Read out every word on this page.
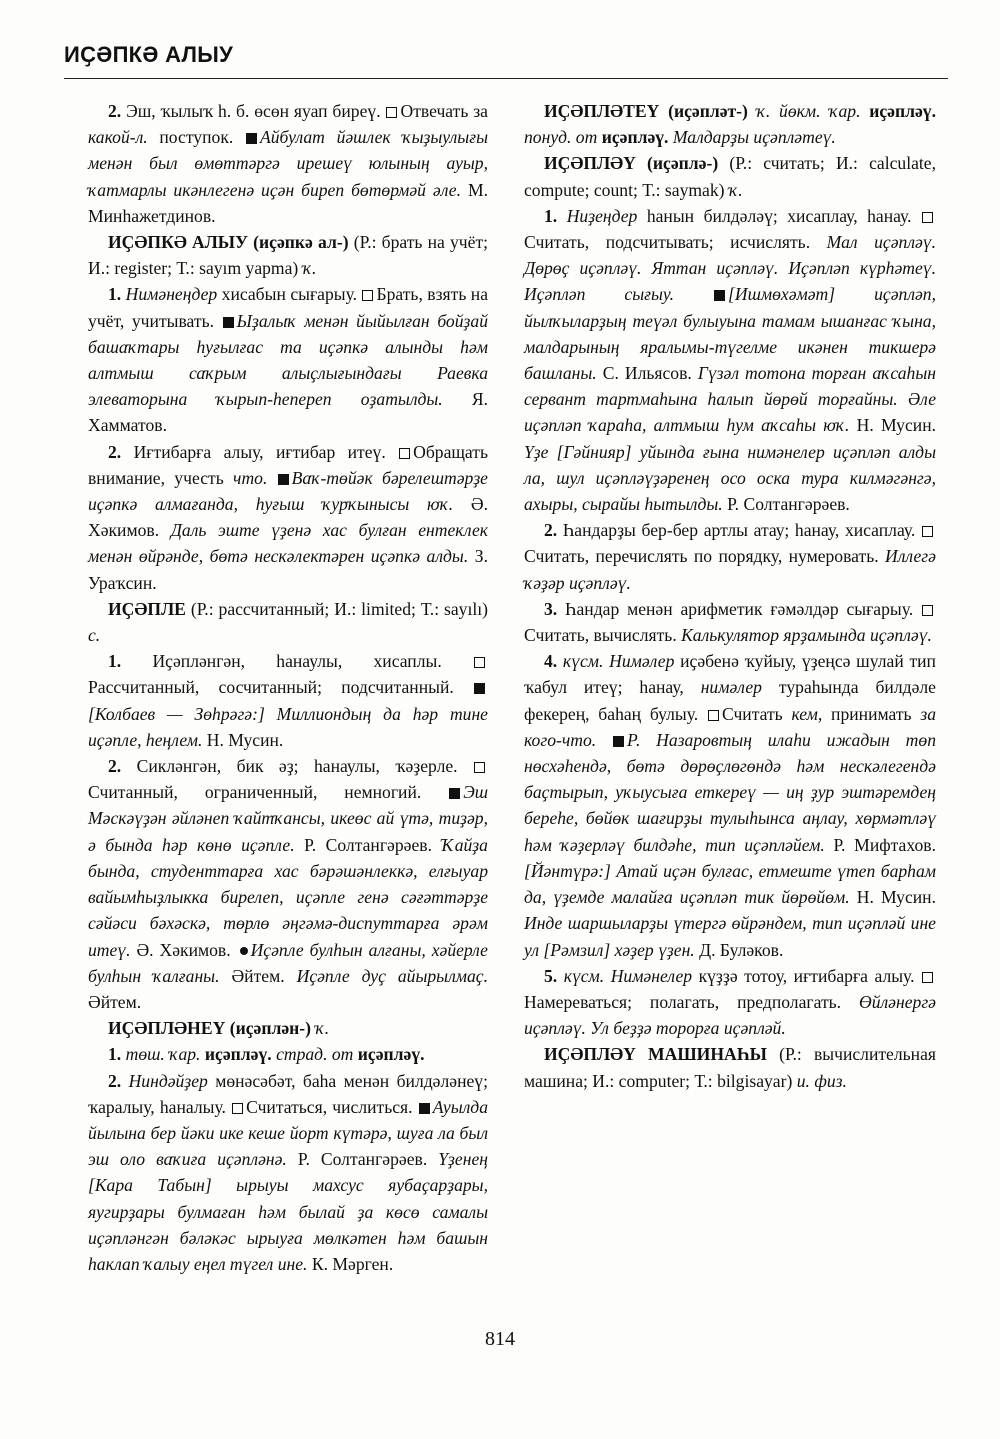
ИҪӘПКӘ АЛЫУ

2. Эш, ҡылыҡ һ. б. өсөн яуап биреү. Отвечать за какой-л. поступок. Айбулат йәшлек ҡыҙыулығы менән был өмөттәргә ирешеү юлының ауыр, ҡатмарлы икәнлегенә иҫән биреп бөтөрмәй әле. М. Минһажетдинов.

ИҪӘПКӘ АЛЫУ (иҫәпкә ал-) (Р.: брать на учёт; И.: register; Т.: sayım yapma) ҡ.

1. Нимәнеңдер хисабын сығарыу. Брать, взять на учёт, учитывать. Ыҙалыҡ менән йыйылған бойҙай башаҡтары һуғылғас та иҫәпкә алынды һәм алтмыш саҡрым алыҫлығындағы Раевка элеваторына ҡырып-һепереп оҙатылды. Я. Хамматов.

2. Иғтибарға алыу, иғтибар итеү. Обращать внимание, учесть что. Ваҡ-төйәк бәрелештәрҙе иҫәпкә алмағанда, һуғыш ҡурҡынысы юҡ. Ә. Хәкимов. Даль эште үҙенә хас булған ентеклек менән өйрәнде, бөтә нескәлектәрен иҫәпкә алды. З. Ураҡсин.

ИҪӘПЛЕ (Р.: рассчитанный; И.: limited; Т.: sayılı) с.

1. Иҫәпләнгән, һанаулы, хисаплы. Рассчитанный, сосчитанный; подсчитанный. [Колбаев — Зөһрәгә:] Миллиондың да һәр тине иҫәпле, һеңлем. Н. Мусин.

2. Сикләнгән, бик әҙ; һанаулы, ҡәҙерле. Считанный, ограниченный, немногий. Эш Мәскәүҙән әйләнеп ҡайтҡансы, икеөс ай үтә, тиҙәр, ә бында һәр көнө иҫәпле. Р. Солтангәрәев. Ҡайҙа бында, студенттарға хас бәрәшәнлеккә, елғыуар вайымһыҙлыкка бирелеп, иҫәпле генә сәғәттәрҙе сәйәси бәхәскә, төрлө әңгәмә-диспуттарға әрәм итеү. Ә. Хәкимов. Иҫәпле булһын алғаны, хәйерле булһын ҡалғаны. Әйтем. Иҫәпле дуҫ айырылмаҫ. Әйтем.

ИҪӘПЛӘНЕҮ (иҫәплән-) ҡ.

1. төш. ҡар. иҫәпләү. страд. от иҫәпләү.

2. Ниндәйҙер мөнәсәбәт, баһа менән билдәләнеү; ҡаралыу, һаналыу. Считаться, числиться. Ауылда йылына бер йәки ике кеше йорт күтәрә, шуға ла был эш оло ваҡиға иҫәпләнә. Р. Солтангәрәев. Үҙенең [Кара Табын] ырыуы махсус яубаҫарҙары, яугирҙары булмаған һәм былай ҙа көсө самалы иҫәпләнгән бәләкәс ырыуға мөлкәтен һәм башын һаклап ҡалыу еңел түгел ине. К. Мәрген.

ИҪӘПЛӘТЕҮ (иҫәпләт-) ҡ. йөкм. ҡар. иҫәпләү. понуд. от иҫәпләү. Малдарҙы иҫәпләтеү.

ИҪӘПЛӘҮ (иҫәплә-) (Р.: считать; И.: calculate, compute; count; Т.: saymak) ҡ.

1. Ниҙеңдер һанын билдәләү; хисаплау, һанау. Считать, подсчитывать; исчислять. Мал иҫәпләү. Дөрөҫ иҫәпләү. Яттан иҫәпләү. Иҫәпләп күрһәтеү. Иҫәпләп сығыу.	[Ишмөхәмәт] иҫәпләп, йылҡыларҙың теүәл булыуына тамам ышанғас ҡына, малдарының яралымы-түгелме икәнен тикшерә башланы. С. Ильясов. Гүзәл тотона торған аҡсаһын сервант тартмаһына һалып йөрөй торғайны. Әле иҫәпләп ҡараһа, алтмыш һум аҡсаһы юҡ. Н. Мусин. Үҙе [Гәйнияр] уйында ғына нимәнелер иҫәпләп алды ла, шул иҫәпләүҙәренең осо оска тура килмәгәнгә, ахыры, сырайы һытылды. Р. Солтангәрәев.

2. Һандарҙы бер-бер артлы атау; һанау, хисаплау. Считать, перечислять по порядку, нумеровать. Иллегә ҡәҙәр иҫәпләү.

3. Һандар менән арифметик ғәмәлдәр сығарыу. Считать, вычислять. Калькулятор ярҙамында иҫәпләү.

4. күсм. Нимәлер иҫәбенә ҡуйыу, үҙеңсә шулай тип ҡабул итеү; һанау, нимәлер тураһында билдәле фекерең, баһаң булыу. Считать кем, принимать за кого-что. Р. Назаровтың илаһи ижадын төп нөсхәһендә, бөтә дөрөҫлөгөндә һәм нескәлегендә баҫтырып, уҡыусыға еткереү — иң ҙур эштәремдең береһе, бөйөк шағирҙы тулыһынса аңлау, хөрмәтләү һәм ҡәҙерләү билдәһе, тип иҫәпләйем. Р. Мифтахов. [Йәнтүрә:] Атай иҫән булғас, етмеште үтеп барһам да, үҙемде малайға иҫәпләп тик йөрөйөм. Н. Мусин. Инде шаршыларҙы үтергә өйрәндем, тип иҫәпләй ине ул [Рәмзил] хәҙер үҙен. Д. Буләков.

5. күсм. Нимәнелер күҙҙә тотоу, иғтибарға алыу. Намереваться; полагать, предполагать. Өйләнергә иҫәпләү. Ул беҙҙә торорға иҫәпләй.

ИҪӘПЛӘҮ МАШИНАҺЫ (Р.: вычислительная машина; И.: computer; Т.: bilgisayar) и. физ.

814
